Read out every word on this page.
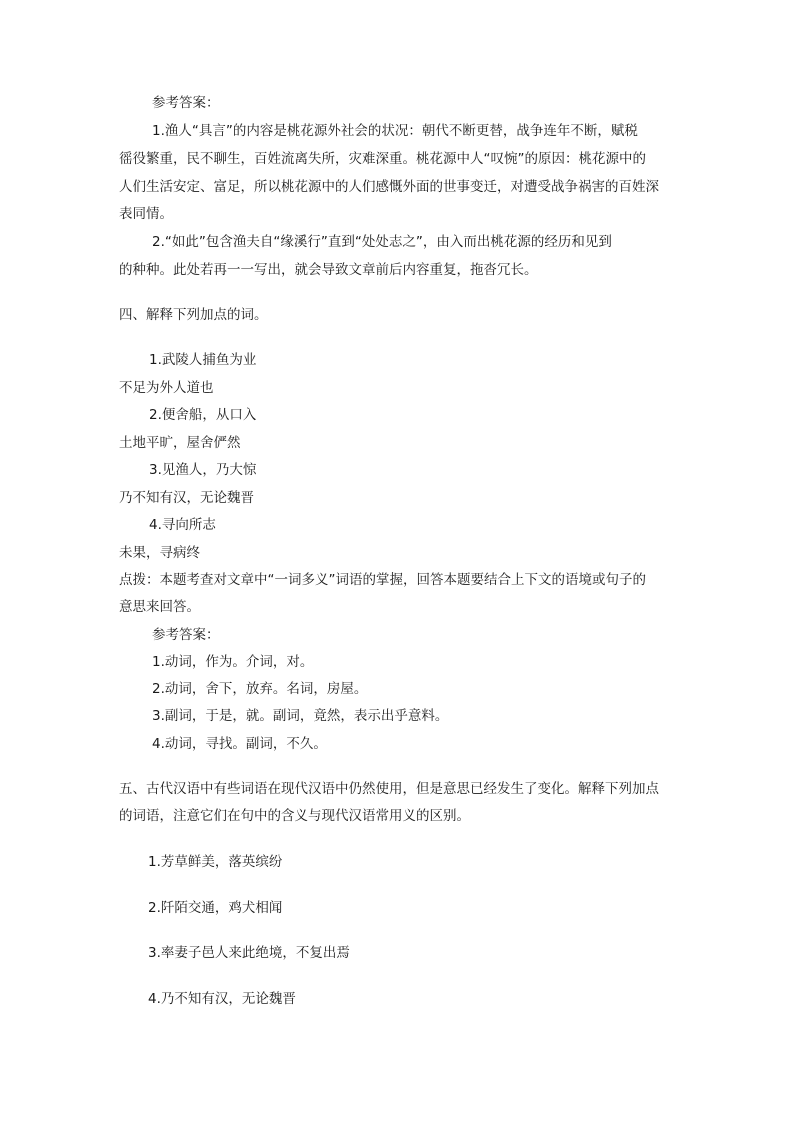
参考答案：
1.渔人“具言”的内容是桃花源外社会的状况：朝代不断更替，战争连年不断，赋税
徭役繁重，民不聊生，百姓流离失所，灾难深重。桃花源中人“叹惋”的原因：桃花源中的
人们生活安定、富足，所以桃花源中的人们感慨外面的世事变迁，对遭受战争祸害的百姓深
表同情。
2.“如此”包含渔夫自“缘溪行”直到“处处志之”，由入而出桃花源的经历和见到
的种种。此处若再一一写出，就会导致文章前后内容重复，拖沓冗长。
四、解释下列加点的词。
1.武陵人捕鱼为业
不足为外人道也
2.便舍船，从口入
土地平旷，屋舍俨然
3.见渔人，乃大惊
乃不知有汉，无论魏晋
4.寻向所志
未果，寻病终
点拨：本题考查对文章中“一词多义”词语的掌握，回答本题要结合上下文的语境或句子的
意思来回答。
参考答案：
1.动词，作为。介词，对。
2.动词，舍下，放弃。名词，房屋。
3.副词，于是，就。副词，竟然，表示出乎意料。
4.动词，寻找。副词，不久。
五、古代汉语中有些词语在现代汉语中仍然使用，但是意思已经发生了变化。解释下列加点
的词语，注意它们在句中的含义与现代汉语常用义的区别。
1.芳草鲜美，落英缤纷
2.阡陌交通，鸡犬相闻
3.率妻子邑人来此绝境，不复出焉
4.乃不知有汉，无论魏晋
